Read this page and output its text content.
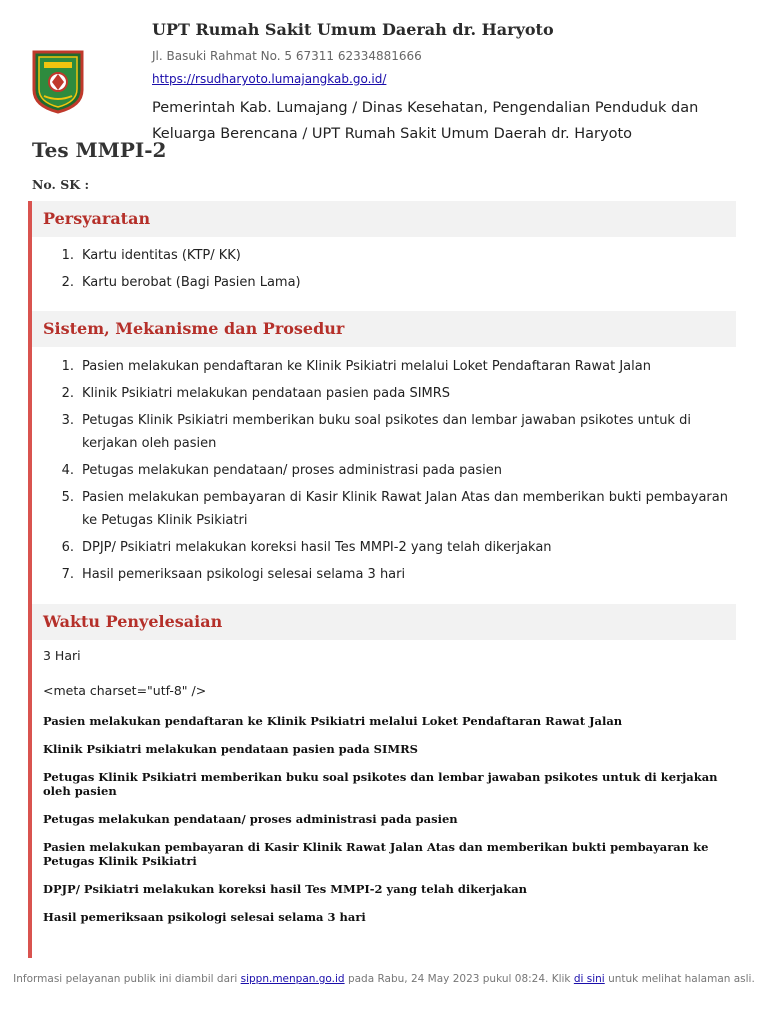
UPT Rumah Sakit Umum Daerah dr. Haryoto
Jl. Basuki Rahmat No. 5 67311 62334881666
https://rsudharyoto.lumajangkab.go.id/
Pemerintah Kab. Lumajang / Dinas Kesehatan, Pengendalian Penduduk dan Keluarga Berencana / UPT Rumah Sakit Umum Daerah dr. Haryoto
Tes MMPI-2
No. SK :
Persyaratan
1. Kartu identitas (KTP/ KK)
2. Kartu berobat (Bagi Pasien Lama)
Sistem, Mekanisme dan Prosedur
1. Pasien melakukan pendaftaran ke Klinik Psikiatri melalui Loket Pendaftaran Rawat Jalan
2. Klinik Psikiatri melakukan pendataan pasien pada SIMRS
3. Petugas Klinik Psikiatri memberikan buku soal psikotes dan lembar jawaban psikotes untuk di kerjakan oleh pasien
4. Petugas melakukan pendataan/ proses administrasi pada pasien
5. Pasien melakukan pembayaran di Kasir Klinik Rawat Jalan Atas dan memberikan bukti pembayaran ke Petugas Klinik Psikiatri
6. DPJP/ Psikiatri melakukan koreksi hasil Tes MMPI-2 yang telah dikerjakan
7. Hasil pemeriksaan psikologi selesai selama 3 hari
Waktu Penyelesaian
3 Hari
<meta charset="utf-8" />

Pasien melakukan pendaftaran ke Klinik Psikiatri melalui Loket Pendaftaran Rawat Jalan

Klinik Psikiatri melakukan pendataan pasien pada SIMRS

Petugas Klinik Psikiatri memberikan buku soal psikotes dan lembar jawaban psikotes untuk di kerjakan oleh pasien

Petugas melakukan pendataan/ proses administrasi pada pasien

Pasien melakukan pembayaran di Kasir Klinik Rawat Jalan Atas dan memberikan bukti pembayaran ke Petugas Klinik Psikiatri

DPJP/ Psikiatri melakukan koreksi hasil Tes MMPI-2 yang telah dikerjakan

Hasil pemeriksaan psikologi selesai selama 3 hari

Informasi pelayanan publik ini diambil dari sippn.menpan.go.id pada Rabu, 24 May 2023 pukul 08:24. Klik di sini untuk melihat halaman asli.
